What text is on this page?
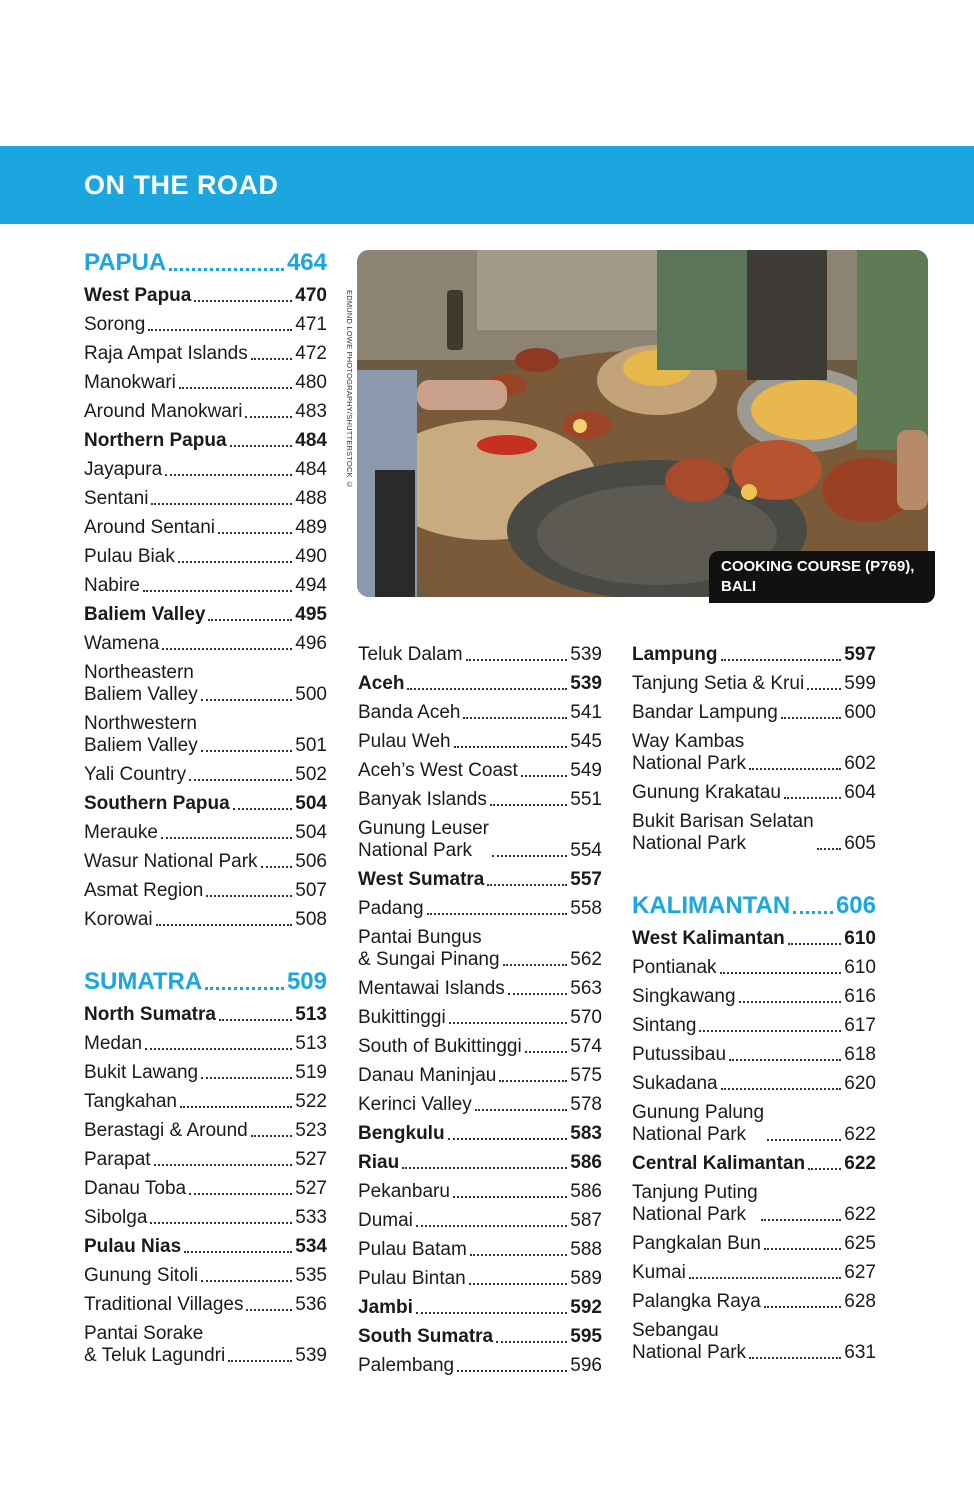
ON THE ROAD
PAPUA	464
West Papua	470
Sorong	471
Raja Ampat Islands	472
Manokwari	480
Around Manokwari	483
Northern Papua	484
Jayapura	484
Sentani	488
Around Sentani	489
Pulau Biak	490
Nabire	494
Baliem Valley	495
Wamena	496
Northeastern
Baliem Valley	500
Northwestern
Baliem Valley	501
Yali Country	502
Southern Papua	504
Merauke	504
Wasur National Park 506
Asmat Region	507
Korowai	508
SUMATRA	509
North Sumatra	513
Medan	513
Bukit Lawang	519
Tangkahan	522
Berastagi & Around	523
Parapat	527
Danau Toba	527
Sibolga	533
Pulau Nias	534
Gunung Sitoli	535
Traditional Villages	536
Pantai Sorake
& Teluk Lagundri	539
Teluk Dalam	539
Aceh	539
Banda Aceh	541
Pulau Weh	545
Aceh’s West Coast	549
Banyak Islands	551
Gunung Leuser
National Park	554
West Sumatra	557
Padang	558
Pantai Bungus
& Sungai Pinang	562
Mentawai Islands	563
Bukittinggi	570
South of Bukittinggi	574
Danau Maninjau	575
Kerinci Valley	578
Bengkulu	583
Riau	586
Pekanbaru	586
Dumai	587
Pulau Batam	588
Pulau Bintan	589
Jambi	592
South Sumatra	595
Palembang	596
Lampung	597
Tanjung Setia & Krui 599
Bandar Lampung	600
Way Kambas
National Park	602
Gunung Krakatau	604
Bukit Barisan Selatan
National Park	605
KALIMANTAN 606
West Kalimantan	610
Pontianak	610
Singkawang	616
Sintang	617
Putussibau	618
Sukadana	620
Gunung Palung
National Park	622
Central Kalimantan 622
Tanjung Puting
National Park	622
Pangkalan Bun	625
Kumai	627
Palangka Raya	628
Sebangau
National Park	631
EDMUND LOWE PHOTOGRAPHY/SHUTTERSTOCK ©
COOKING COURSE (P769),
BALI
